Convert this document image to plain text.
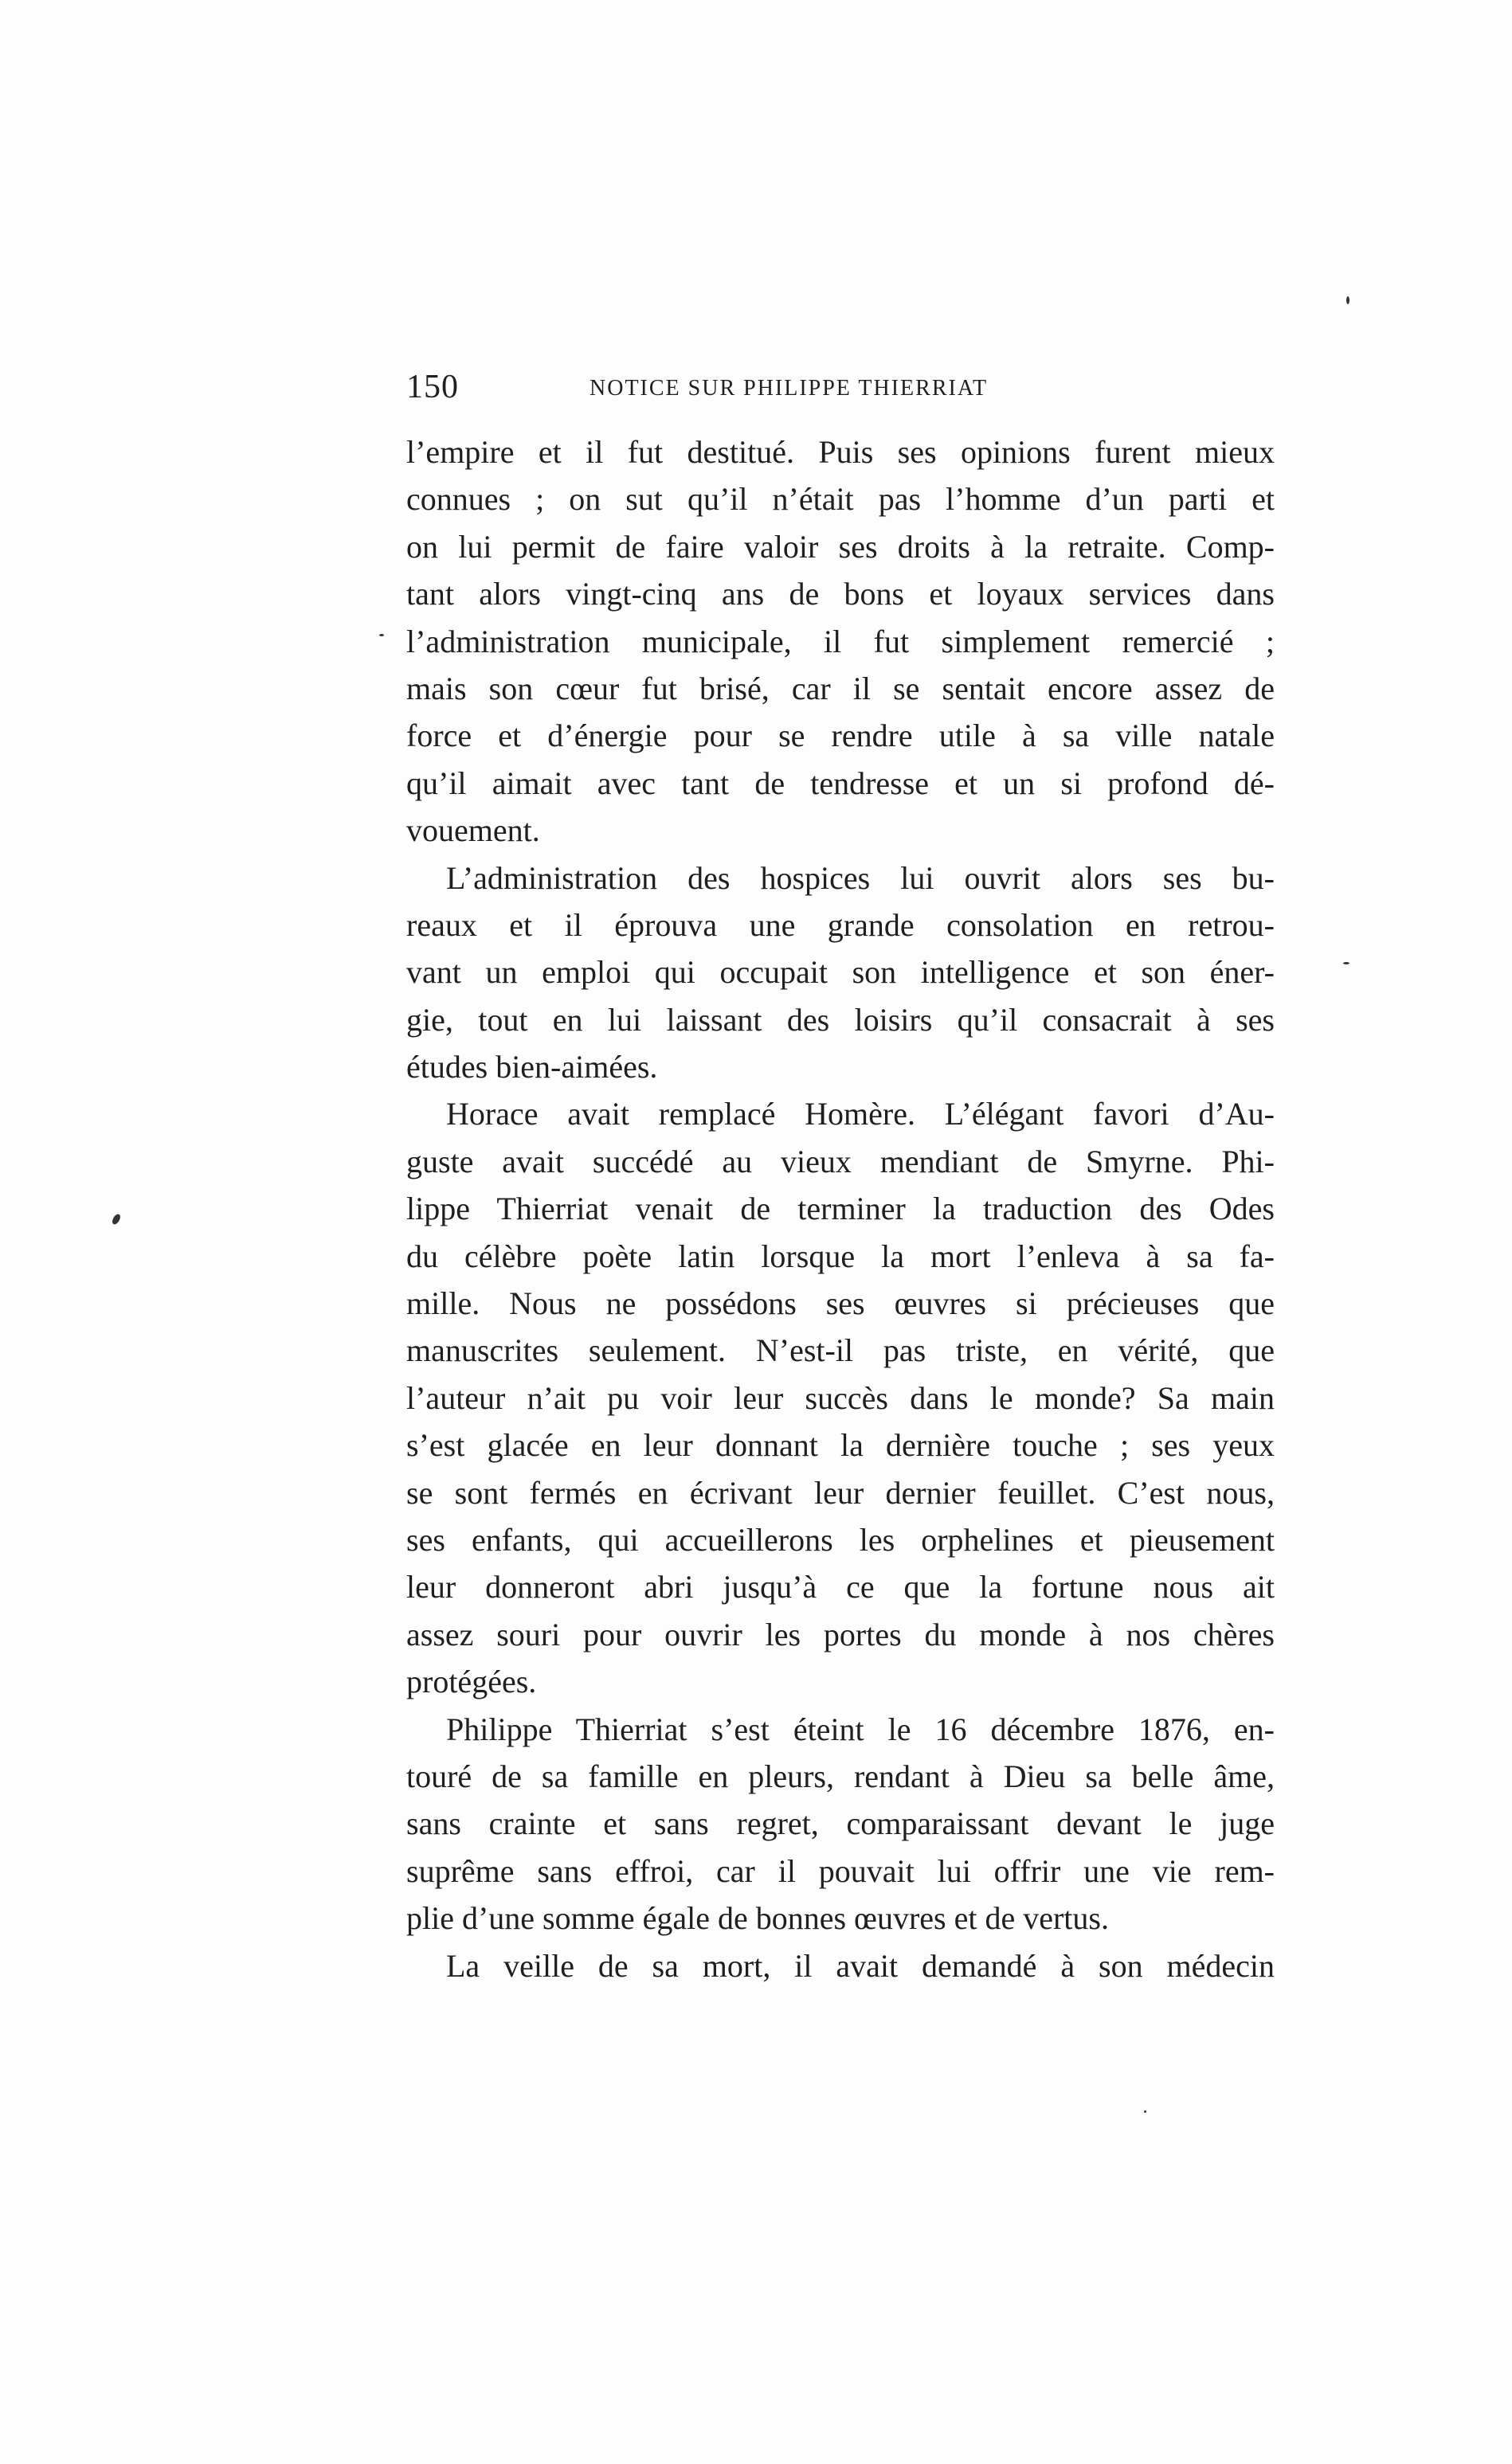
150	NOTICE SUR PHILIPPE THIERRIAT
l’empire et il fut destitué. Puis ses opinions furent mieux
connues ; on sut qu’il n’était pas l’homme d’un parti et
on lui permit de faire valoir ses droits à la retraite. Comp-
tant alors vingt-cinq ans de bons et loyaux services dans
l’administration municipale, il fut simplement remercié ;
mais son cœur fut brisé, car il se sentait encore assez de
force et d’énergie pour se rendre utile à sa ville natale
qu’il aimait avec tant de tendresse et un si profond dé-
vouement.
L’administration des hospices lui ouvrit alors ses bu-
reaux et il éprouva une grande consolation en retrou-
vant un emploi qui occupait son intelligence et son éner-
gie, tout en lui laissant des loisirs qu’il consacrait à ses
études bien-aimées.
Horace avait remplacé Homère. L’élégant favori d’Au-
guste avait succédé au vieux mendiant de Smyrne. Phi-
lippe Thierriat venait de terminer la traduction des Odes
du célèbre poète latin lorsque la mort l’enleva à sa fa-
mille. Nous ne possédons ses œuvres si précieuses que
manuscrites seulement. N’est-il pas triste, en vérité, que
l’auteur n’ait pu voir leur succès dans le monde? Sa main
s’est glacée en leur donnant la dernière touche ; ses yeux
se sont fermés en écrivant leur dernier feuillet. C’est nous,
ses enfants, qui accueillerons les orphelines et pieusement
leur donneront abri jusqu’à ce que la fortune nous ait
assez souri pour ouvrir les portes du monde à nos chères
protégées.
Philippe Thierriat s’est éteint le 16 décembre 1876, en-
touré de sa famille en pleurs, rendant à Dieu sa belle âme,
sans crainte et sans regret, comparaissant devant le juge
suprême sans effroi, car il pouvait lui offrir une vie rem-
plie d’une somme égale de bonnes œuvres et de vertus.
La veille de sa mort, il avait demandé à son médecin
